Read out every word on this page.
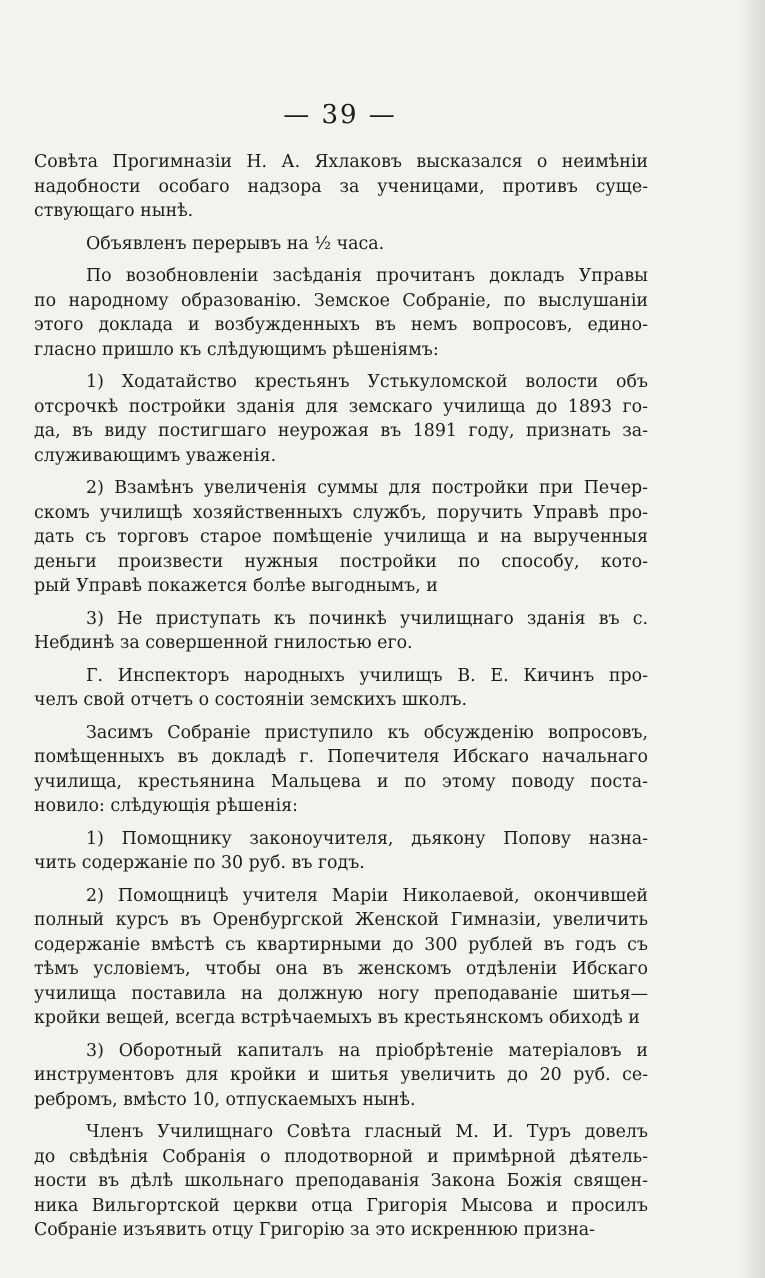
— 39 —
Совѣта Прогимназіи Н. А. Яхлаковъ высказался о неимѣніи
надобности особаго надзора за ученицами, противъ суще-
ствующаго нынѣ.
Объявленъ перерывъ на ½ часа.
По возобновленіи засѣданія прочитанъ докладъ Управы
по народному образованію. Земское Собраніе, по выслушаніи
этого доклада и возбужденныхъ въ немъ вопросовъ, едино-
гласно пришло къ слѣдующимъ рѣшеніямъ:
1) Ходатайство крестьянъ Устькуломской волости объ
отсрочкѣ постройки зданія для земскаго училища до 1893 го-
да, въ виду постигшаго неурожая въ 1891 году, признать за-
служивающимъ уваженія.
2) Взамѣнъ увеличенія суммы для постройки при Печер-
скомъ училищѣ хозяйственныхъ службъ, поручить Управѣ про-
дать съ торговъ старое помѣщеніе училища и на вырученныя
деньги произвести нужныя постройки по способу, кото-
рый Управѣ покажется болѣе выгоднымъ, и
3) Не приступать къ починкѣ училищнаго зданія въ с.
Небдинѣ за совершенной гнилостью его.
Г. Инспекторъ народныхъ училищъ В. Е. Кичинъ про-
челъ свой отчетъ о состояніи земскихъ школъ.
Засимъ Собраніе приступило къ обсужденію вопросовъ,
помѣщенныхъ въ докладѣ г. Попечителя Ибскаго начальнаго
училища, крестьянина Мальцева и по этому поводу поста-
новило: слѣдующія рѣшенія:
1) Помощнику законоучителя, дьякону Попову назна-
чить содержаніе по 30 руб. въ годъ.
2) Помощницѣ учителя Маріи Николаевой, окончившей
полный курсъ въ Оренбургской Женской Гимназіи, увеличить
содержаніе вмѣстѣ съ квартирными до 300 рублей въ годъ съ
тѣмъ условіемъ, чтобы она въ женскомъ отдѣленіи Ибскаго
училища поставила на должную ногу преподаваніе шитья—
кройки вещей, всегда встрѣчаемыхъ въ крестьянскомъ обиходѣ и
3) Оборотный капиталъ на пріобрѣтеніе матеріаловъ и
инструментовъ для кройки и шитья увеличить до 20 руб. се-
ребромъ, вмѣсто 10, отпускаемыхъ нынѣ.
Членъ Училищнаго Совѣта гласный М. И. Туръ довелъ
до свѣдѣнія Собранія о плодотворной и примѣрной дѣятель-
ности въ дѣлѣ школьнаго преподаванія Закона Божія священ-
ника Вильгортской церкви отца Григорія Мысова и просилъ
Собраніе изъявить отцу Григорію за это искреннюю призна-
